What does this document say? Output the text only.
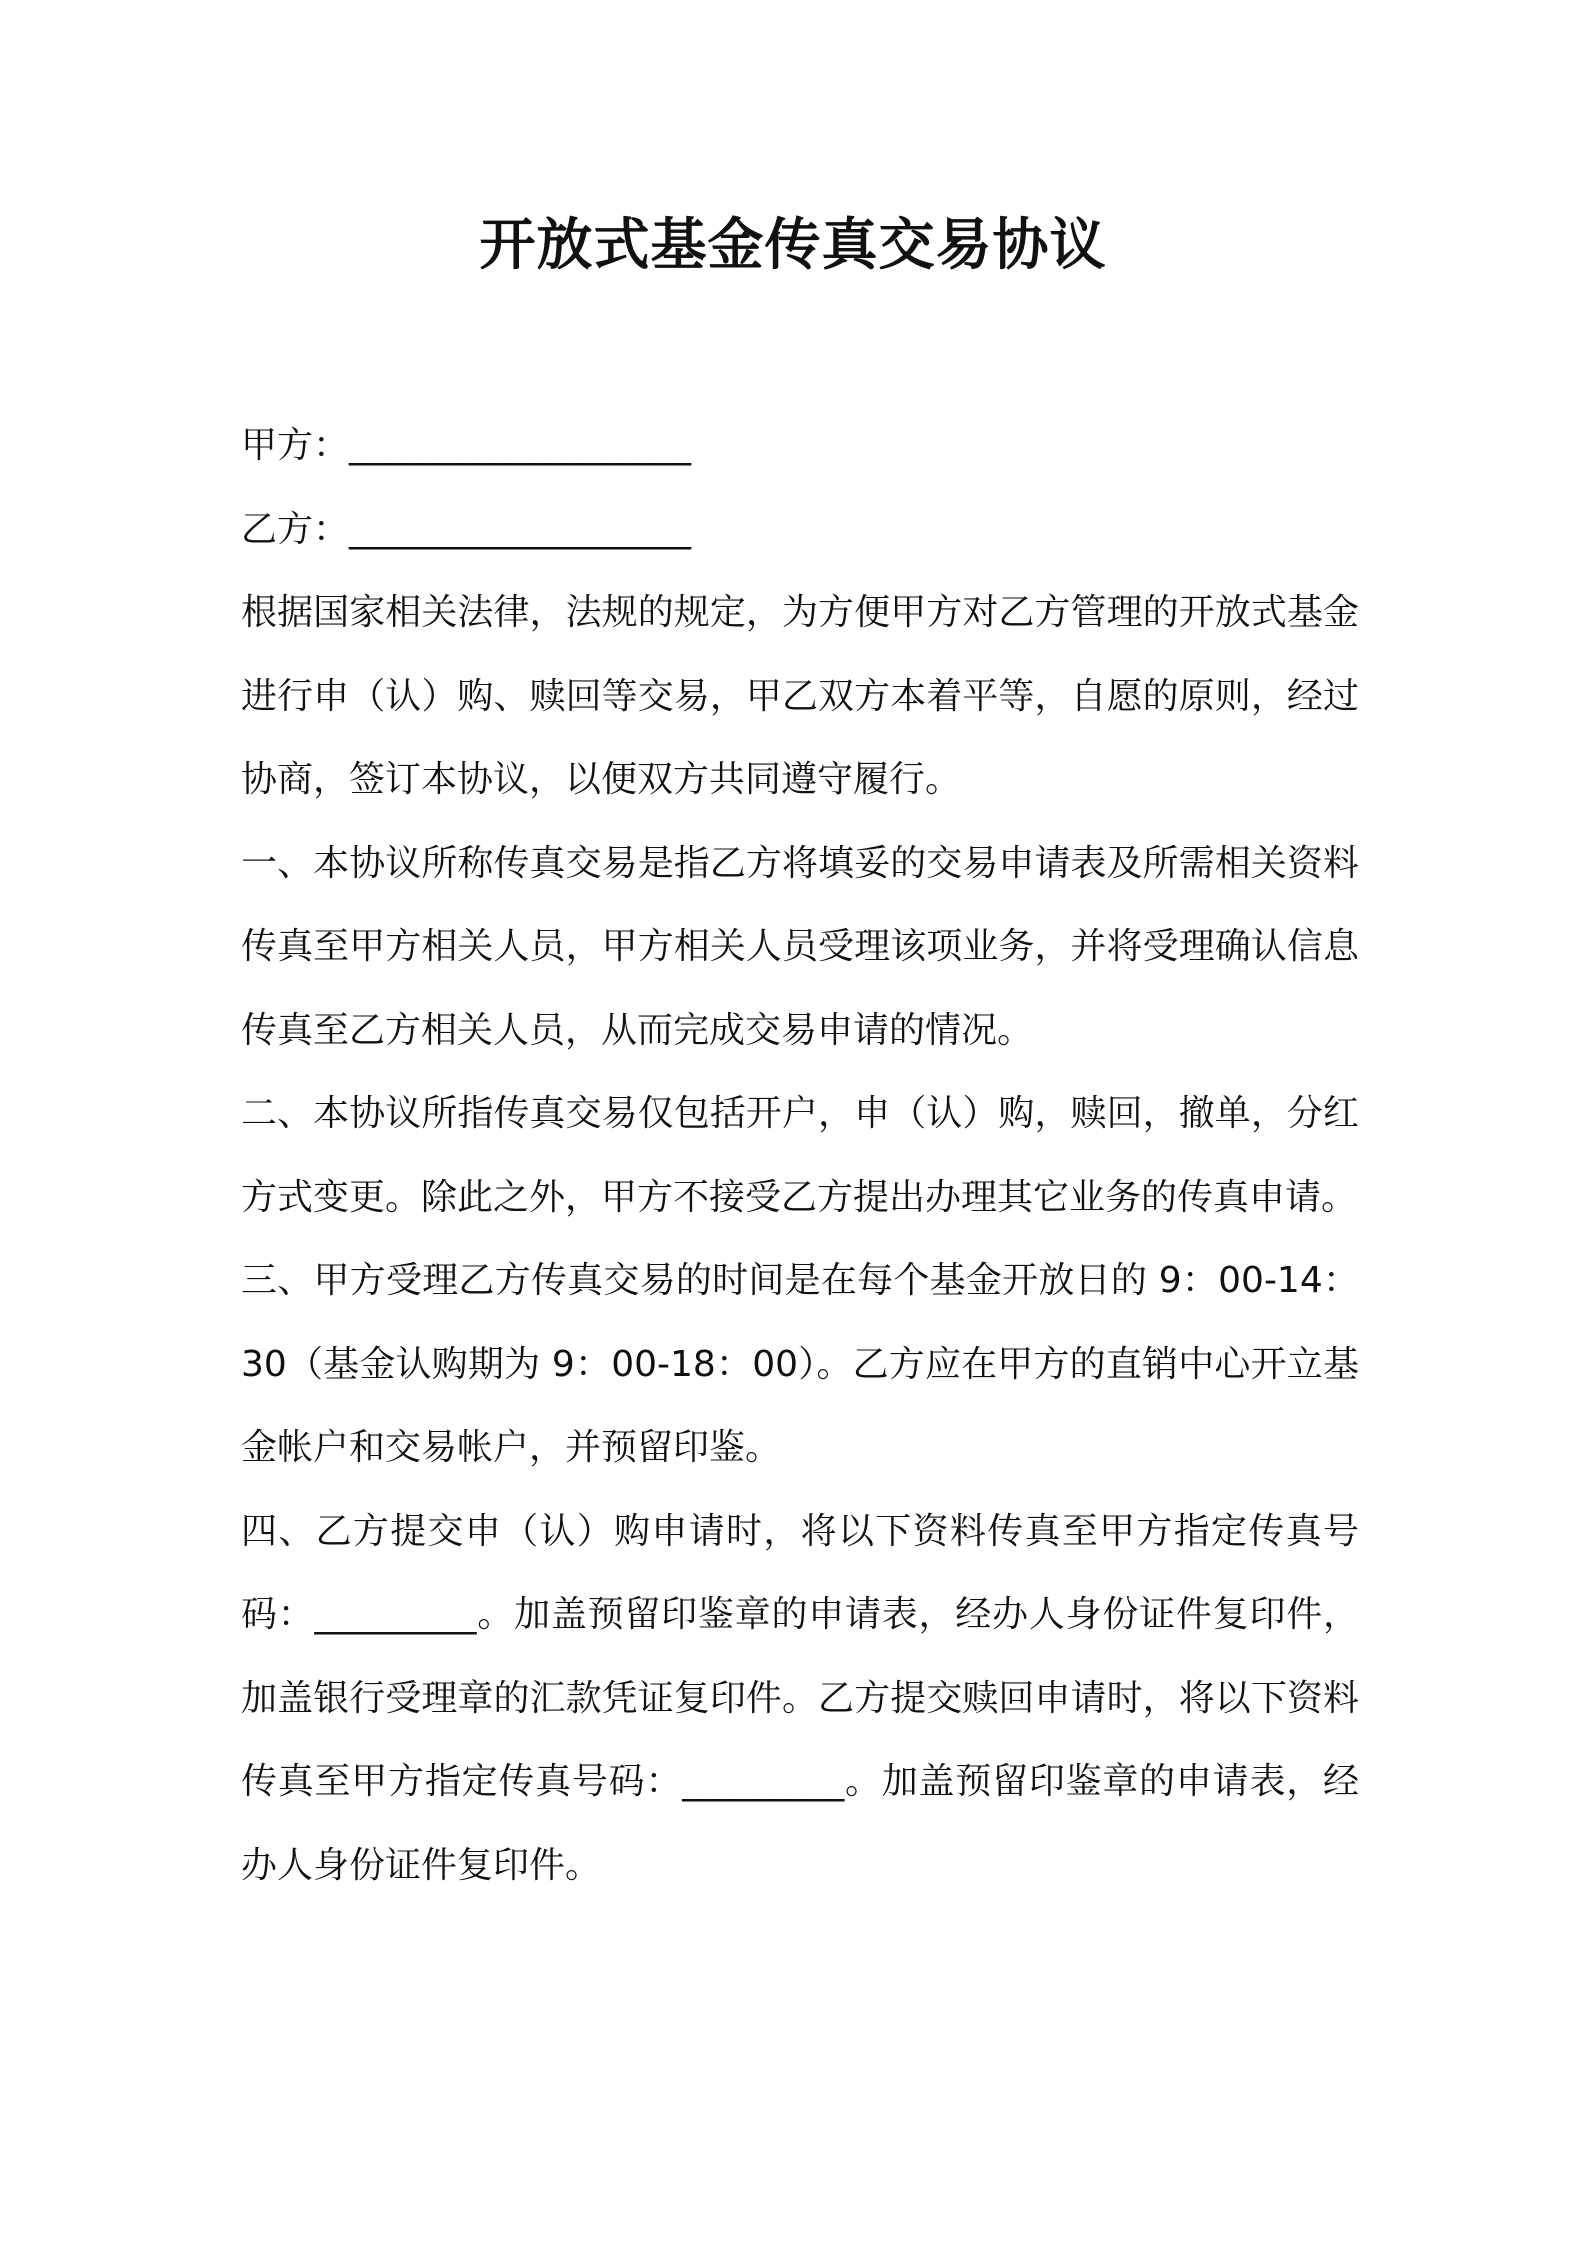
开放式基金传真交易协议

甲方：___________________

乙方：___________________

根据国家相关法律，法规的规定，为方便甲方对乙方管理的开放式基金进行申（认）购、赎回等交易，甲乙双方本着平等，自愿的原则，经过协商，签订本协议，以便双方共同遵守履行。

一、本协议所称传真交易是指乙方将填妥的交易申请表及所需相关资料传真至甲方相关人员，甲方相关人员受理该项业务，并将受理确认信息传真至乙方相关人员，从而完成交易申请的情况。

二、本协议所指传真交易仅包括开户，申（认）购，赎回，撤单，分红方式变更。除此之外，甲方不接受乙方提出办理其它业务的传真申请。

三、甲方受理乙方传真交易的时间是在每个基金开放日的 9：00-14：30（基金认购期为 9：00-18：00）。乙方应在甲方的直销中心开立基金帐户和交易帐户，并预留印鉴。

四、乙方提交申（认）购申请时，将以下资料传真至甲方指定传真号码：_________。加盖预留印鉴章的申请表，经办人身份证件复印件，加盖银行受理章的汇款凭证复印件。乙方提交赎回申请时，将以下资料传真至甲方指定传真号码：_________。加盖预留印鉴章的申请表，经办人身份证件复印件。
